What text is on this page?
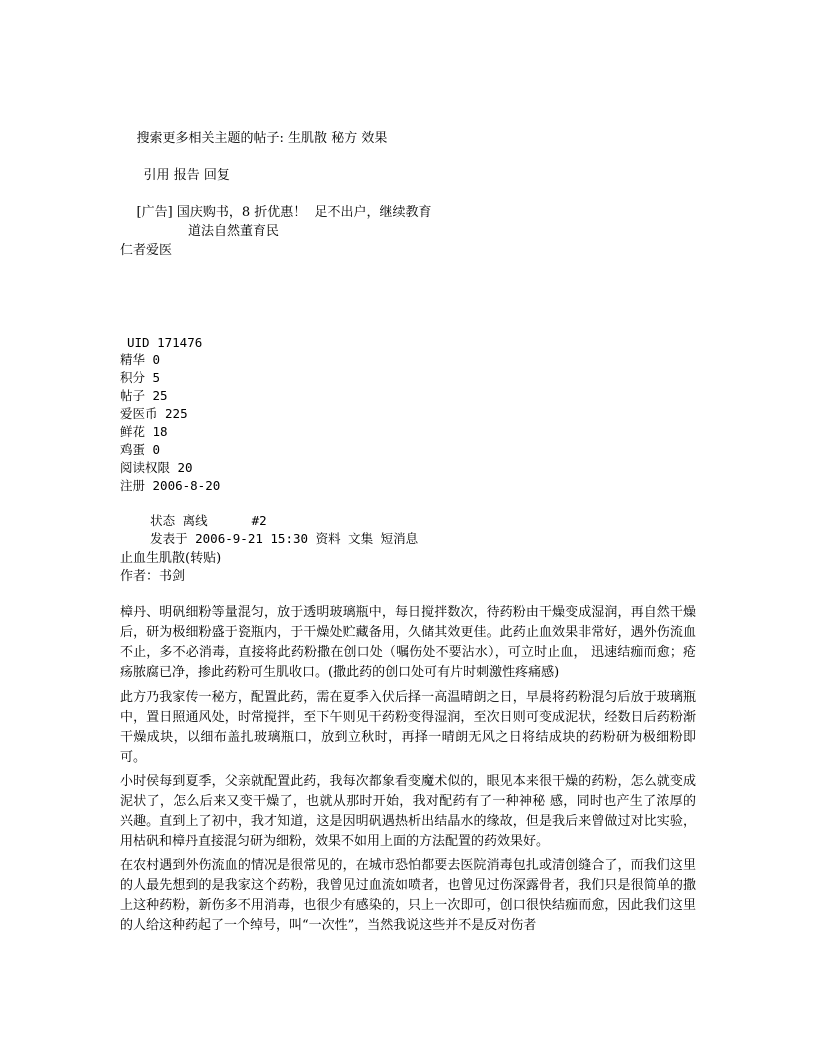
搜索更多相关主题的帖子: 生肌散 秘方 效果

引用 报告 回复

[广告] 国庆购书，8 折优惠！ 足不出户，继续教育

道法自然董育民
仁者爱医
UID 171476
精华 0
积分 5
帖子 25
爱医币 225
鲜花 18
鸡蛋 0
阅读权限 20
注册 2006-8-20

状态 离线	#2

发表于 2006-9-21 15:30 资料 文集 短消息

止血生肌散(转贴)
作者：书剑
樟丹、明矾细粉等量混匀，放于透明玻璃瓶中，每日搅拌数次，待药粉由干燥变成湿润，再自然干燥后，研为极细粉盛于瓷瓶内，于干燥处贮藏备用，久储其效更佳。此药止血效果非常好，遇外伤流血不止，多不必消毒，直接将此药粉撒在创口处（嘱伤处不要沾水），可立时止血， 迅速结痂而愈；疮疡脓腐已净，掺此药粉可生肌收口。(撒此药的创口处可有片时刺激性疼痛感)
此方乃我家传一秘方，配置此药，需在夏季入伏后择一高温晴朗之日，早晨将药粉混匀后放于玻璃瓶中，置日照通风处，时常搅拌，至下午则见干药粉变得湿润，至次日则可变成泥状，经数日后药粉渐干燥成块，以细布盖扎玻璃瓶口，放到立秋时，再择一晴朗无风之日将结成块的药粉研为极细粉即可。
小时侯每到夏季，父亲就配置此药，我每次都象看变魔术似的，眼见本来很干燥的药粉，怎么就变成泥状了，怎么后来又变干燥了，也就从那时开始，我对配药有了一种神秘 感，同时也产生了浓厚的兴趣。直到上了初中，我才知道，这是因明矾遇热析出结晶水的缘故，但是我后来曾做过对比实验，用枯矾和樟丹直接混匀研为细粉，效果不如用上面的方法配置的药效果好。
在农村遇到外伤流血的情况是很常见的，在城市恐怕都要去医院消毒包扎或清创缝合了，而我们这里的人最先想到的是我家这个药粉，我曾见过血流如喷者，也曾见过伤深露骨者，我们只是很简单的撒上这种药粉，新伤多不用消毒，也很少有感染的，只上一次即可，创口很快结痂而愈，因此我们这里的人给这种药起了一个绰号，叫“一次性”，当然我说这些并不是反对伤者
